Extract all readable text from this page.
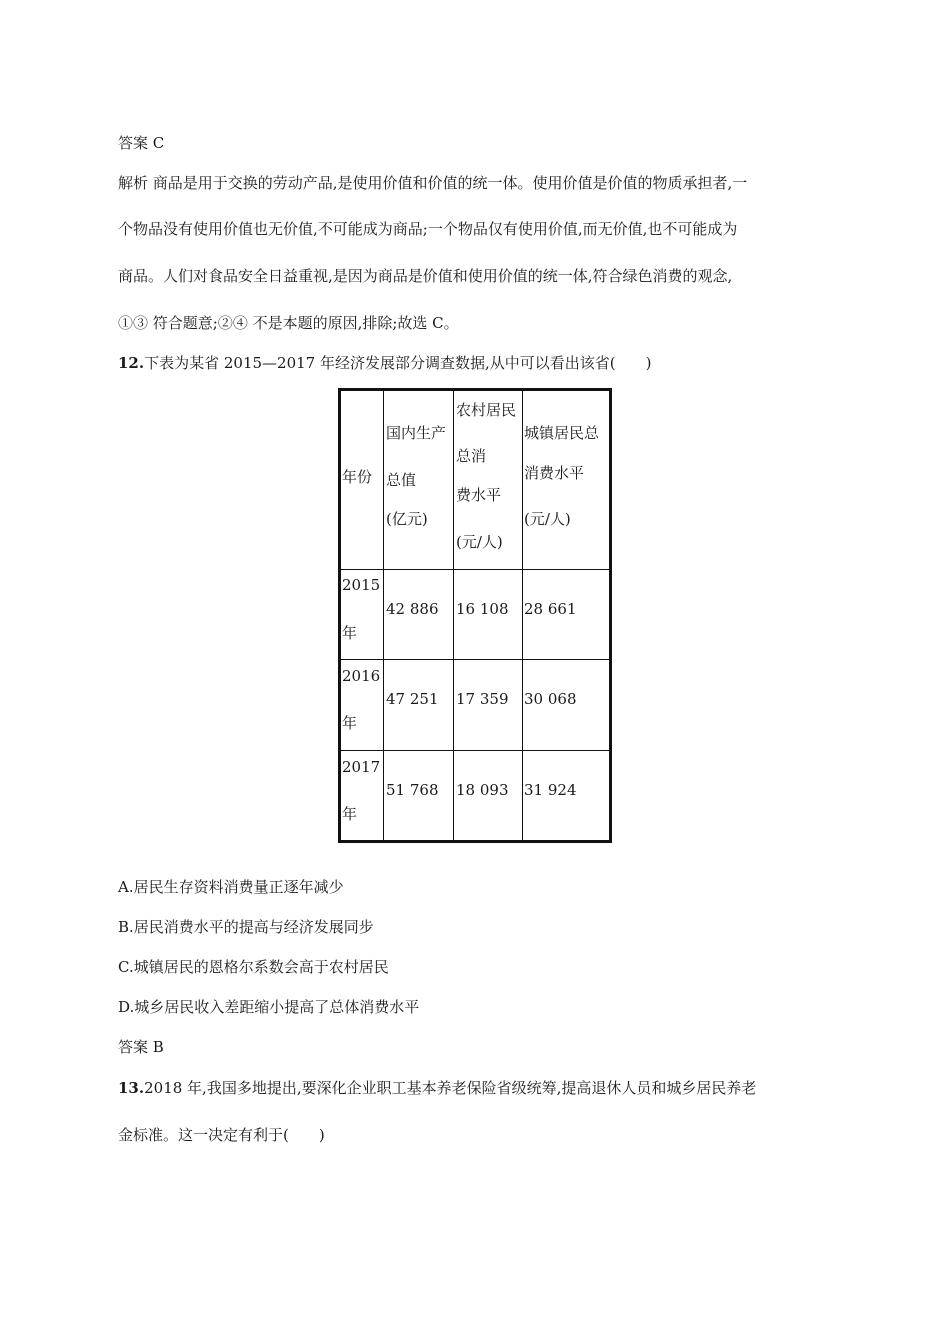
答案 C
解析 商品是用于交换的劳动产品,是使用价值和价值的统一体。使用价值是价值的物质承担者,一
个物品没有使用价值也无价值,不可能成为商品;一个物品仅有使用价值,而无价值,也不可能成为
商品。人们对食品安全日益重视,是因为商品是价值和使用价值的统一体,符合绿色消费的观念,
①③ 符合题意;②④ 不是本题的原因,排除;故选 C。
12.下表为某省 2015—2017 年经济发展部分调查数据,从中可以看出该省(　　)
年份
国内生产
总值
(亿元)
农村居民
总消
费水平
(元/人)
城镇居民总
消费水平
(元/人)
2015
年
42 886 16 108 28 661
2016
年
47 251 17 359 30 068
2017
年
51 768 18 093 31 924
A.居民生存资料消费量正逐年减少
B.居民消费水平的提高与经济发展同步
C.城镇居民的恩格尔系数会高于农村居民
D.城乡居民收入差距缩小提高了总体消费水平
答案 B
13.2018 年,我国多地提出,要深化企业职工基本养老保险省级统筹,提高退休人员和城乡居民养老
金标准。这一决定有利于(　　)
